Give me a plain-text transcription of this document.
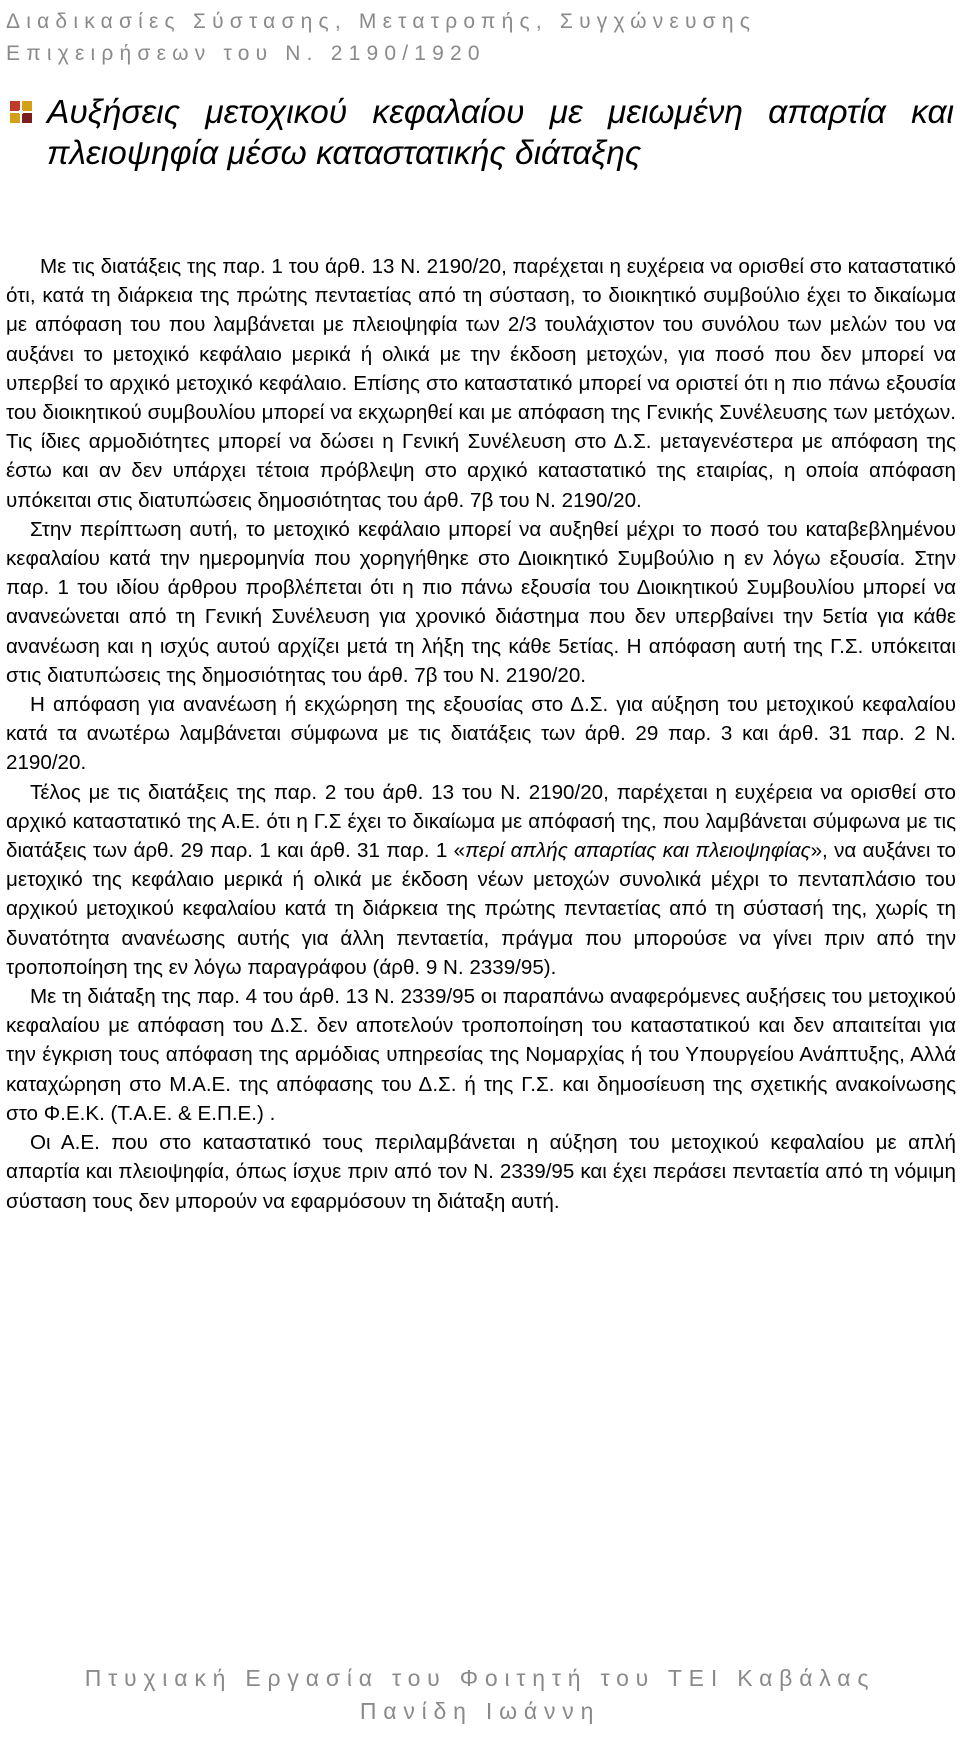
Διαδικασίες Σύστασης, Μετατροπής, Συγχώνευσης
Επιχειρήσεων του Ν. 2190/1920
Αυξήσεις μετοχικού κεφαλαίου με μειωμένη απαρτία και πλειοψηφία μέσω καταστατικής διάταξης

Με τις διατάξεις της παρ. 1 του άρθ. 13 Ν. 2190/20, παρέχεται η ευχέρεια να ορισθεί στο καταστατικό ότι, κατά τη διάρκεια της πρώτης πενταετίας από τη σύσταση, το διοικητικό συμβούλιο έχει το δικαίωμα με απόφαση του που λαμβάνεται με πλειοψηφία των 2/3 τουλάχιστον του συνόλου των μελών του να αυξάνει το μετοχικό κεφάλαιο μερικά ή ολικά με την έκδοση μετοχών, για ποσό που δεν μπορεί να υπερβεί το αρχικό μετοχικό κεφάλαιο. Επίσης στο καταστατικό μπορεί να οριστεί ότι η πιο πάνω εξουσία του διοικητικού συμβουλίου μπορεί να εκχωρηθεί και με απόφαση της Γενικής Συνέλευσης των μετόχων. Τις ίδιες αρμοδιότητες μπορεί να δώσει η Γενική Συνέλευση στο Δ.Σ. μεταγενέστερα με απόφαση της έστω και αν δεν υπάρχει τέτοια πρόβλεψη στο αρχικό καταστατικό της εταιρίας, η οποία απόφαση υπόκειται στις διατυπώσεις δημοσιότητας του άρθ. 7β του Ν. 2190/20.

Στην περίπτωση αυτή, το μετοχικό κεφάλαιο μπορεί να αυξηθεί μέχρι το ποσό του καταβεβλημένου κεφαλαίου κατά την ημερομηνία που χορηγήθηκε στο Διοικητικό Συμβούλιο η εν λόγω εξουσία. Στην παρ. 1 του ιδίου άρθρου προβλέπεται ότι η πιο πάνω εξουσία του Διοικητικού Συμβουλίου μπορεί να ανανεώνεται από τη Γενική Συνέλευση για χρονικό διάστημα που δεν υπερβαίνει την 5ετία για κάθε ανανέωση και η ισχύς αυτού αρχίζει μετά τη λήξη της κάθε 5ετίας. Η απόφαση αυτή της Γ.Σ. υπόκειται στις διατυπώσεις της δημοσιότητας του άρθ. 7β του Ν. 2190/20.

Η απόφαση για ανανέωση ή εκχώρηση της εξουσίας στο Δ.Σ. για αύξηση του μετοχικού κεφαλαίου κατά τα ανωτέρω λαμβάνεται σύμφωνα με τις διατάξεις των άρθ. 29 παρ. 3 και άρθ. 31 παρ. 2 Ν. 2190/20.

Τέλος με τις διατάξεις της παρ. 2 του άρθ. 13 του Ν. 2190/20, παρέχεται η ευχέρεια να ορισθεί στο αρχικό καταστατικό της Α.Ε. ότι η Γ.Σ έχει το δικαίωμα με απόφασή της, που λαμβάνεται σύμφωνα με τις διατάξεις των άρθ. 29 παρ. 1 και άρθ. 31 παρ. 1 «περί απλής απαρτίας και πλειοψηφίας», να αυξάνει το μετοχικό της κεφάλαιο μερικά ή ολικά με έκδοση νέων μετοχών συνολικά μέχρι το πενταπλάσιο του αρχικού μετοχικού κεφαλαίου κατά τη διάρκεια της πρώτης πενταετίας από τη σύστασή της, χωρίς τη δυνατότητα ανανέωσης αυτής για άλλη πενταετία, πράγμα που μπορούσε να γίνει πριν από την τροποποίηση της εν λόγω παραγράφου (άρθ. 9 Ν. 2339/95).

Με τη διάταξη της παρ. 4 του άρθ. 13 Ν. 2339/95 οι παραπάνω αναφερόμενες αυξήσεις του μετοχικού κεφαλαίου με απόφαση του Δ.Σ. δεν αποτελούν τροποποίηση του καταστατικού και δεν απαιτείται για την έγκριση τους απόφαση της αρμόδιας υπηρεσίας της Νομαρχίας ή του Υπουργείου Ανάπτυξης, Αλλά καταχώρηση στο Μ.Α.Ε. της απόφασης του Δ.Σ. ή της Γ.Σ. και δημοσίευση της σχετικής ανακοίνωσης στο Φ.Ε.Κ. (Τ.Α.Ε. & Ε.Π.Ε.) .

Οι Α.Ε. που στο καταστατικό τους περιλαμβάνεται η αύξηση του μετοχικού κεφαλαίου με απλή απαρτία και πλειοψηφία, όπως ίσχυε πριν από τον Ν. 2339/95 και έχει περάσει πενταετία από τη νόμιμη σύσταση τους δεν μπορούν να εφαρμόσουν τη διάταξη αυτή.

Πτυχιακή Εργασία του Φοιτητή του ΤΕΙ Καβάλας
Πανίδη Ιωάννη
